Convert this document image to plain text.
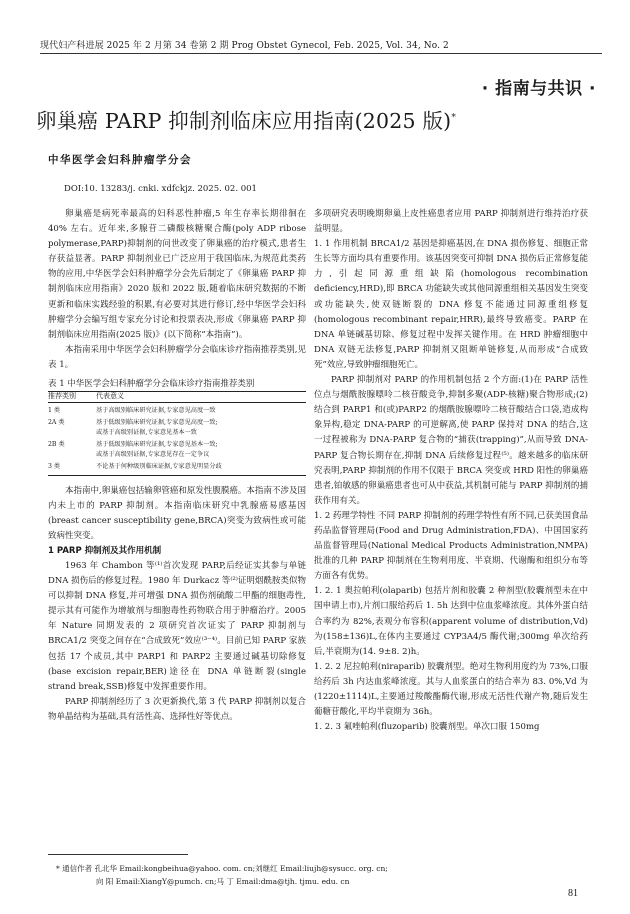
现代妇产科进展 2025 年 2 月第 34 卷第 2 期 Prog Obstet Gynecol, Feb. 2025, Vol. 34, No. 2
· 指南与共识 ·
卵巢癌 PARP 抑制剂临床应用指南(2025 版)*
中华医学会妇科肿瘤学分会
DOI:10. 13283/j. cnki. xdfckjz. 2025. 02. 001

卵巢癌是病死率最高的妇科恶性肿瘤,5 年生存率长期徘徊在 40% 左右。近年来,多腺苷二磷酸核糖聚合酶(poly ADP ribose polymerase,PARP)抑制剂的问世改变了卵巢癌的治疗模式,患者生存获益显著。PARP 抑制剂业已广泛应用于我国临床,为规范此类药物的应用,中华医学会妇科肿瘤学分会先后制定了《卵巢癌 PARP 抑制剂临床应用指南》2020 版和 2022 版,随着临床研究数据的不断更新和临床实践经验的积累,有必要对其进行修订,经中华医学会妇科肿瘤学分会编写组专家充分讨论和投票表决,形成《卵巢癌 PARP 抑制剂临床应用指南(2025 版)》(以下简称“本指南”)。

本指南采用中华医学会妇科肿瘤学分会临床诊疗指南推荐类别,见表 1。

表 1 中华医学会妇科肿瘤学分会临床诊疗指南推荐类别
推荐类别	代表意义
1 类	基于高级别临床研究证据,专家意见高度一致
2A 类	基于低级别临床研究证据,专家意见高度一致;
或基于高级别证据,专家意见基本一致
2B 类	基于低级别临床研究证据,专家意见基本一致;
或基于高级别证据,专家意见存在一定争议
3 类	不论基于何种级别临床证据,专家意见明显分歧

本指南中,卵巢癌包括输卵管癌和原发性腹膜癌。本指南不涉及国内未上市的 PARP 抑制剂。本指南临床研究中乳腺癌易感基因(breast cancer susceptibility gene,BRCA)突变为致病性或可能致病性突变。

1 PARP 抑制剂及其作用机制

1963 年 Chambon 等⁽¹⁾首次发现 PARP,后经证实其参与单链 DNA 损伤后的修复过程。1980 年 Durkacz 等⁽²⁾证明烟酰胺类似物可以抑制 DNA 修复,并可增强 DNA 损伤剂硫酸二甲酯的细胞毒性,提示其有可能作为增敏剂与细胞毒性药物联合用于肿瘤治疗。2005 年 Nature 同期发表的 2 项研究首次证实了 PARP 抑制剂与 BRCA1/2 突变之间存在“合成致死”效应⁽³⁻⁴⁾。目前已知 PARP 家族包括 17 个成员,其中 PARP1 和 PARP2 主要通过碱基切除修复(base excision repair,BER)途径在 DNA 单链断裂(single strand break,SSB)修复中发挥重要作用。

PARP 抑制剂经历了 3 次更新换代,第 3 代 PARP 抑制剂以复合物单晶结构为基础,具有活性高、选择性好等优点。

多项研究表明晚期卵巢上皮性癌患者应用 PARP 抑制剂进行维持治疗获益明显。

1. 1 作用机制 BRCA1/2 基因是抑癌基因,在 DNA 损伤修复、细胞正常生长等方面均具有重要作用。该基因突变可抑制 DNA 损伤后正常修复能力,引起同源重组缺陷(homologous recombination deficiency,HRD),即 BRCA 功能缺失或其他同源重组相关基因发生突变或功能缺失,使双链断裂的 DNA 修复不能通过同源重组修复(homologous recombinant repair,HRR),最终导致癌变。PARP 在 DNA 单链碱基切除、修复过程中发挥关键作用。在 HRD 肿瘤细胞中 DNA 双链无法修复,PARP 抑制剂又阻断单链修复,从而形成“合成致死”效应,导致肿瘤细胞死亡。

PARP 抑制剂对 PARP 的作用机制包括 2 个方面:(1)在 PARP 活性位点与烟酰胺腺嘌呤二核苷酸竞争,抑制多聚(ADP-核糖)聚合物形成;(2)结合到 PARP1 和(或)PARP2 的烟酰胺腺嘌呤二核苷酸结合口袋,造成构象异构,稳定 DNA-PARP 的可逆解离,使 PARP 保持对 DNA 的结合,这一过程被称为 DNA-PARP 复合物的“捕获(trapping)”,从而导致 DNA-PARP 复合物长期存在,抑制 DNA 后续修复过程⁽⁵⁾。越来越多的临床研究表明,PARP 抑制剂的作用不仅限于 BRCA 突变或 HRD 阳性的卵巢癌患者,铂敏感的卵巢癌患者也可从中获益,其机制可能与 PARP 抑制剂的捕获作用有关。

1. 2 药理学特性 不同 PARP 抑制剂的药理学特性有所不同,已获美国食品药品监督管理局(Food and Drug Administration,FDA)、中国国家药品监督管理局(National Medical Products Administration,NMPA)批准的几种 PARP 抑制剂在生物利用度、半衰期、代谢酶和组织分布等方面各有优势。

1. 2. 1 奥拉帕利(olaparib) 包括片剂和胶囊 2 种剂型(胶囊剂型未在中国申请上市),片剂口服给药后 1. 5h 达到中位血浆峰浓度。其体外蛋白结合率约为 82%,表观分布容积(apparent volume of distribution,Vd)为(158±136)L,在体内主要通过 CYP3A4/5 酶代谢;300mg 单次给药后,半衰期为(14. 9±8. 2)h。

1. 2. 2 尼拉帕利(niraparib) 胶囊剂型。绝对生物利用度约为 73%,口服给药后 3h 内达血浆峰浓度。其与人血浆蛋白的结合率为 83. 0%,Vd 为(1220±1114)L,主要通过羧酸酯酶代谢,形成无活性代谢产物,随后发生葡糖苷酸化,平均半衰期为 36h。

1. 2. 3 氟唑帕利(fluzoparib) 胶囊剂型。单次口服 150mg

* 通信作者 孔北华 Email:kongbeihua@yahoo. com. cn;刘继红 Email:liujh@sysucc. org. cn;
向 阳 Email:XiangY@pumch. cn;马 丁 Email:dma@tjh. tjmu. edu. cn
81
